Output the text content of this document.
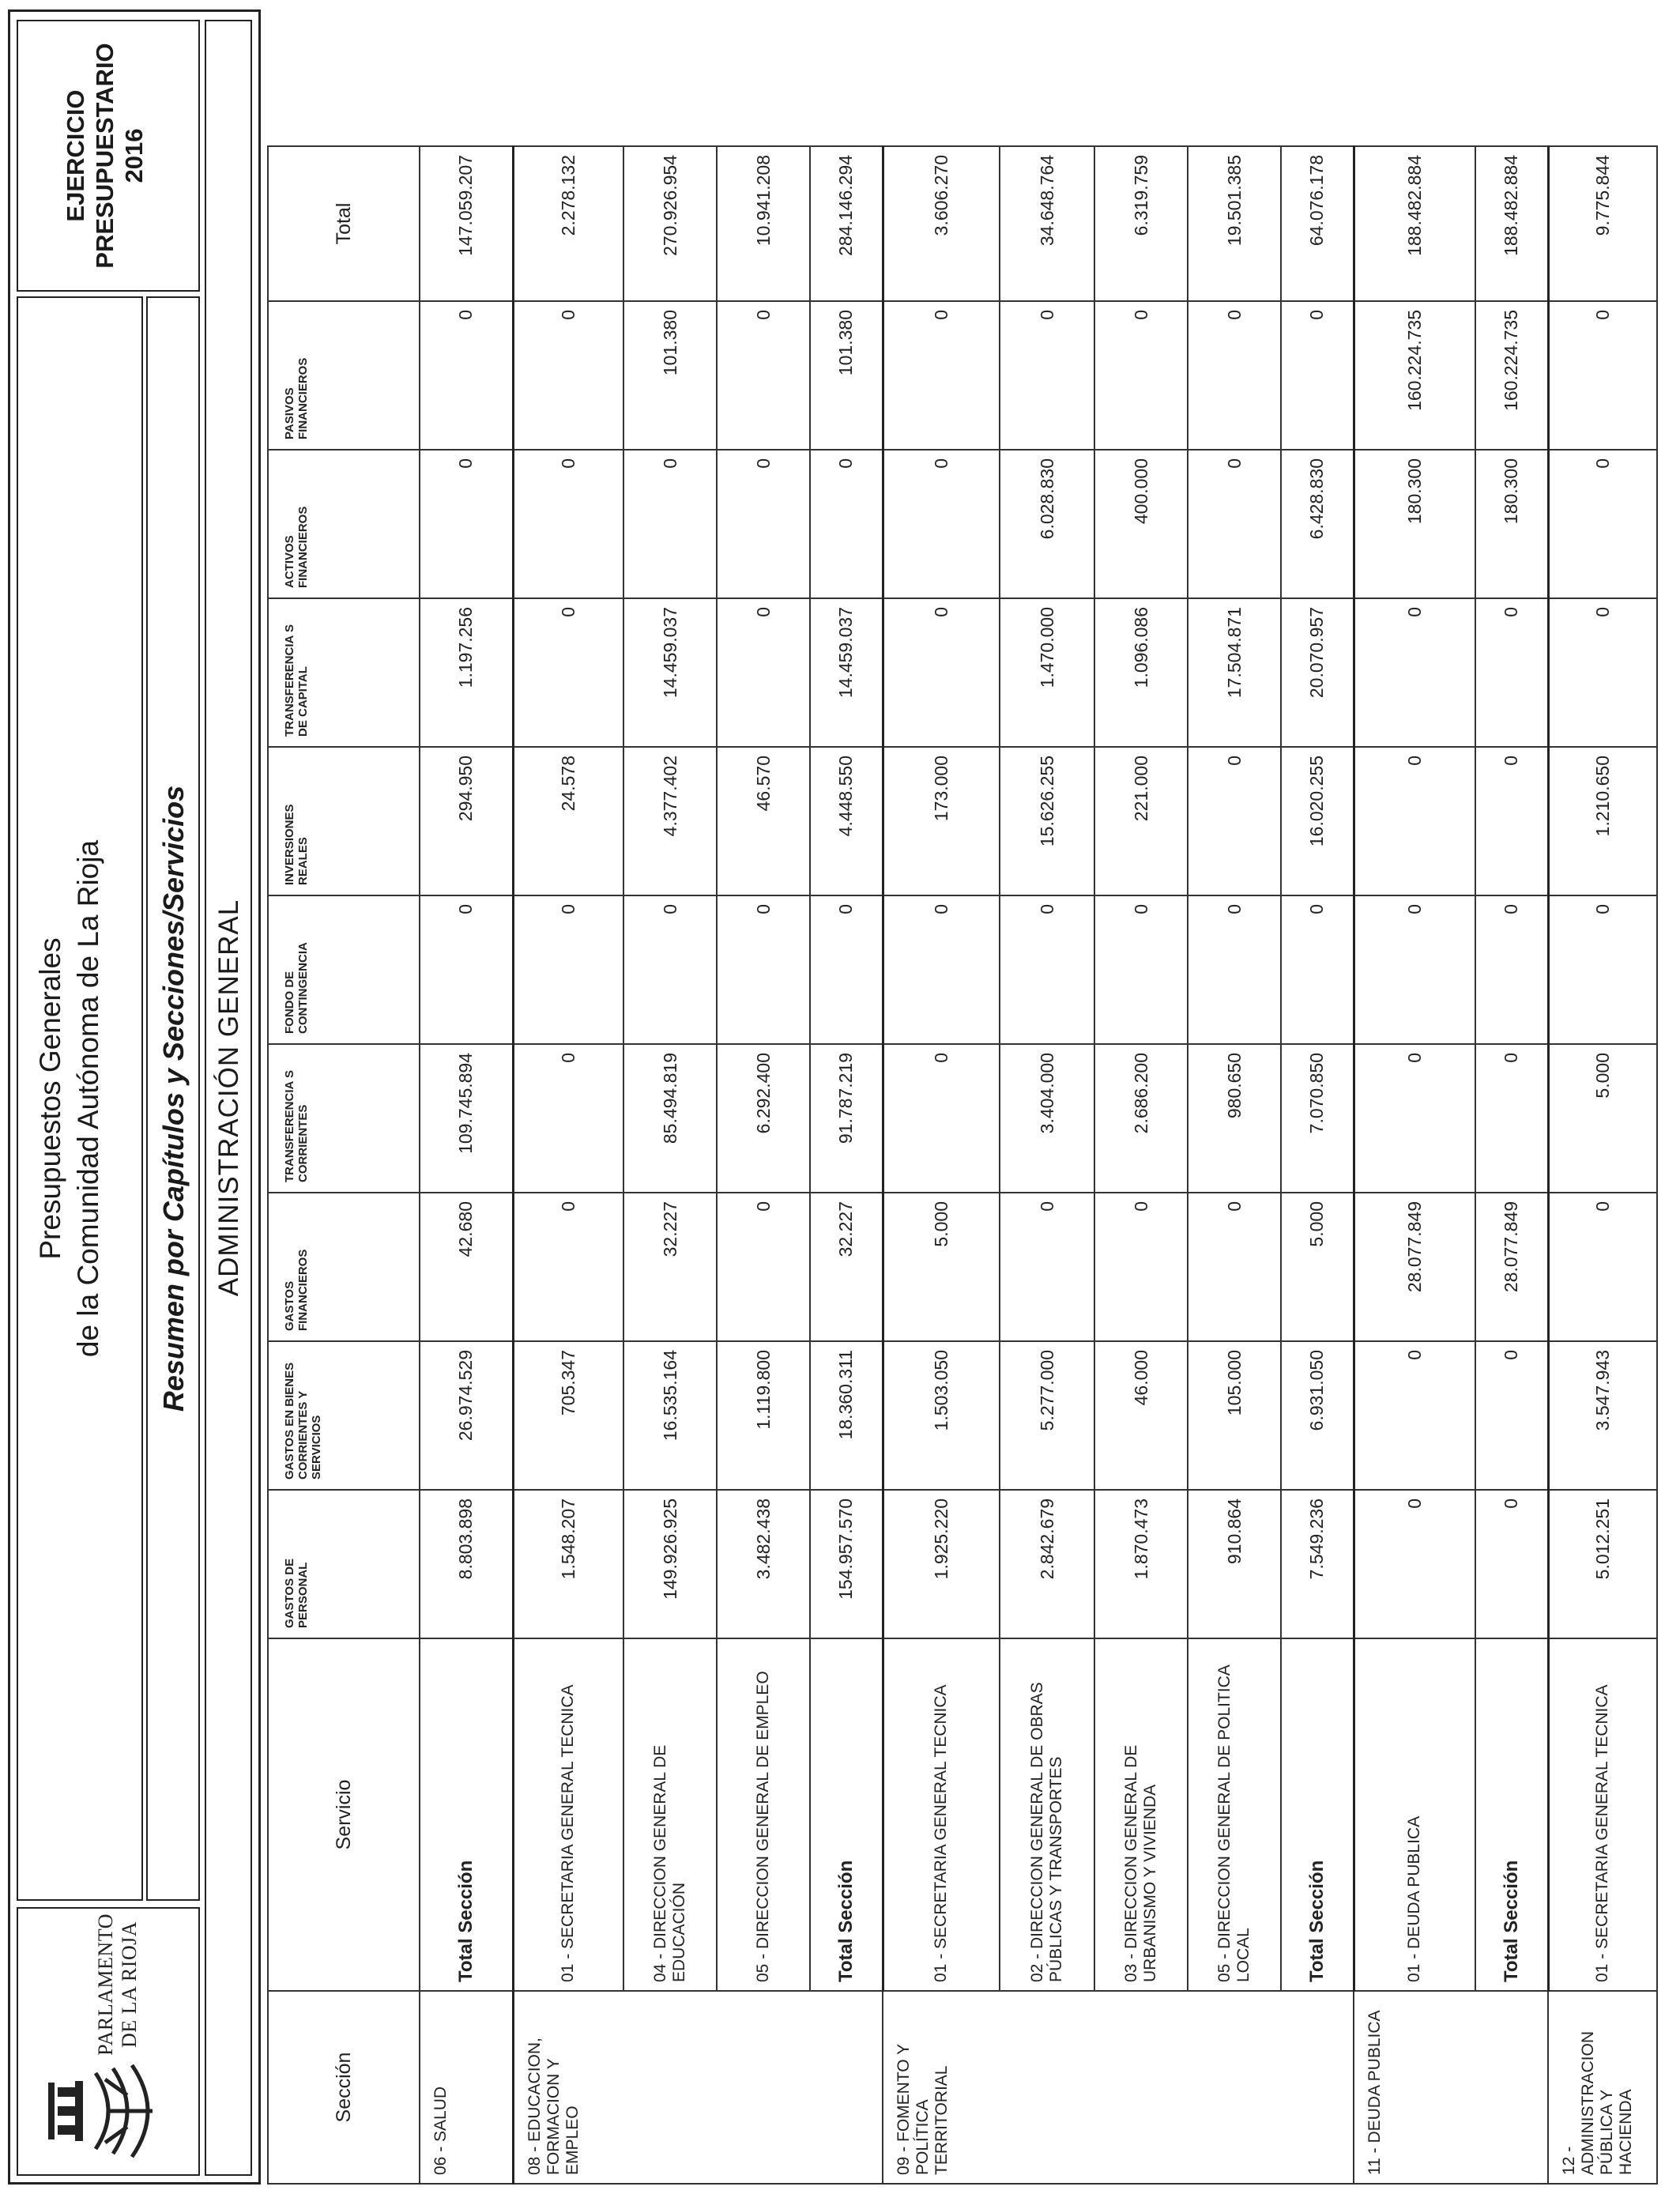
PARLAMENTO DE LA RIOJA
Presupuestos Generales de la Comunidad Autónoma de La Rioja Resumen por Capítulos y Secciones/Servicios
EJERCICIO PRESUPUESTARIO 2016
ADMINISTRACIÓN GENERAL
Sección	Servicio	GASTOS DE PERSONAL	GASTOS EN BIENES CORRIENTES Y SERVICIOS	GASTOS FINANCIEROS	TRANSFERENCIA S CORRIENTES	FONDO DE CONTINGENCIA	INVERSIONES REALES	TRANSFERENCIA S DE CAPITAL	ACTIVOS FINANCIEROS	PASIVOS FINANCIEROS	Total
06 - SALUD	Total Sección	8.803.898	26.974.529	42.680	109.745.894	0	294.950	1.197.256	0	0	147.059.207
08 - EDUCACION, FORMACION Y EMPLEO	01 - SECRETARIA GENERAL TECNICA	1.548.207	705.347	0	0	0	24.578	0	0	0	2.278.132
	04 - DIRECCION GENERAL DE EDUCACIÓN	149.926.925	16.535.164	32.227	85.494.819	0	4.377.402	14.459.037	0	101.380	270.926.954
	05 - DIRECCION GENERAL DE EMPLEO	3.482.438	1.119.800	0	6.292.400	0	46.570	0	0	0	10.941.208
	Total Sección	154.957.570	18.360.311	32.227	91.787.219	0	4.448.550	14.459.037	0	101.380	284.146.294
09 - FOMENTO Y POLÍTICA TERRITORIAL	01 - SECRETARIA GENERAL TECNICA	1.925.220	1.503.050	5.000	0	0	173.000	0	0	0	3.606.270
	02 - DIRECCION GENERAL DE OBRAS PÚBLICAS Y TRANSPORTES	2.842.679	5.277.000	0	3.404.000	0	15.626.255	1.470.000	6.028.830	0	34.648.764
	03 - DIRECCION GENERAL DE URBANISMO Y VIVIENDA	1.870.473	46.000	0	2.686.200	0	221.000	1.096.086	400.000	0	6.319.759
	05 - DIRECCION GENERAL DE POLITICA LOCAL	910.864	105.000	0	980.650	0	0	17.504.871	0	0	19.501.385
	Total Sección	7.549.236	6.931.050	5.000	7.070.850	0	16.020.255	20.070.957	6.428.830	0	64.076.178
11 - DEUDA PUBLICA	01 - DEUDA PUBLICA	0	0	28.077.849	0	0	0	0	180.300	160.224.735	188.482.884
	Total Sección	0	0	28.077.849	0	0	0	0	180.300	160.224.735	188.482.884
12 - ADMINISTRACION PÚBLICA Y HACIENDA	01 - SECRETARIA GENERAL TECNICA	5.012.251	3.547.943	0	5.000	0	1.210.650	0	0	0	9.775.844
